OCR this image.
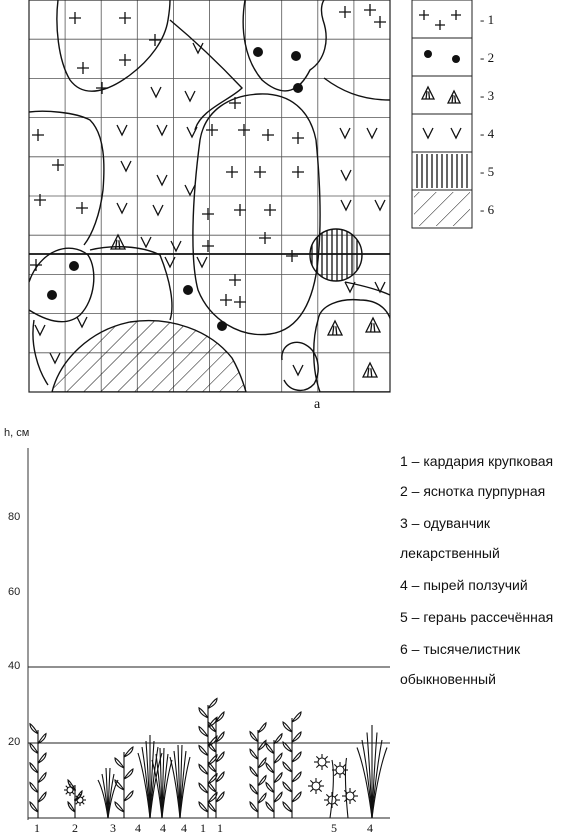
а
- 1
- 2
- 3
- 4
- 5
- 6
h, см
80
60
40
20
1	2	3 4 4 4 1 1	5	4
1 – кардария крупковая
2 – яснотка пурпурная
3 – одуванчик
лекарственный
4 – пырей ползучий
5 – герань рассечённая
6 – тысячелистник
обыкновенный
